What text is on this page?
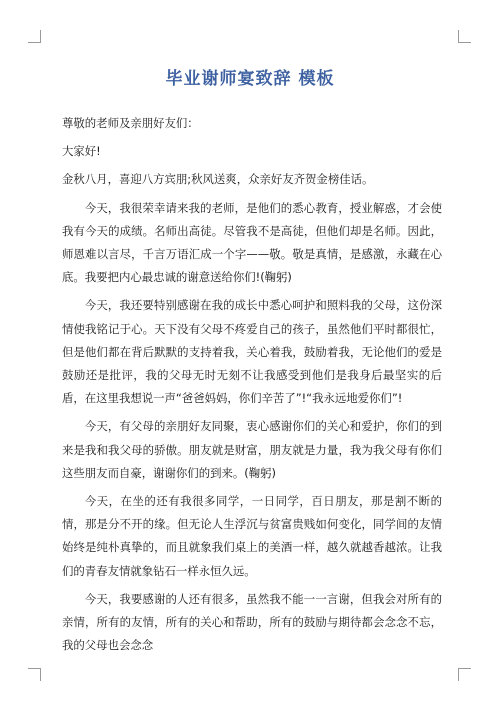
毕业谢师宴致辞 模板

尊敬的老师及亲朋好友们：

大家好!

金秋八月，喜迎八方宾朋;秋风送爽，众亲好友齐贺金榜佳话。

今天，我很荣幸请来我的老师，是他们的悉心教育，授业解惑，才会使我有今天的成绩。名师出高徒。尽管我不是高徒，但他们却是名师。因此，师恩难以言尽，千言万语汇成一个字——敬。敬是真情，是感激，永藏在心底。我要把内心最忠诚的谢意送给你们!(鞠躬)

今天，我还要特别感谢在我的成长中悉心呵护和照料我的父母，这份深情使我铭记于心。天下没有父母不疼爱自己的孩子，虽然他们平时都很忙，但是他们都在背后默默的支持着我，关心着我，鼓励着我，无论他们的爱是鼓励还是批评，我的父母无时无刻不让我感受到他们是我身后最坚实的后盾，在这里我想说一声“爸爸妈妈，你们辛苦了”!“我永远地爱你们”!

今天，有父母的亲朋好友同聚，衷心感谢你们的关心和爱护，你们的到来是我和我父母的骄傲。朋友就是财富，朋友就是力量，我为我父母有你们这些朋友而自豪，谢谢你们的到来。(鞠躬)

今天，在坐的还有我很多同学，一日同学，百日朋友，那是割不断的情，那是分不开的缘。但无论人生浮沉与贫富贵贱如何变化，同学间的友情始终是纯朴真挚的，而且就象我们桌上的美酒一样，越久就越香越浓。让我们的青春友情就象钻石一样永恒久远。

今天，我要感谢的人还有很多，虽然我不能一一言谢，但我会对所有的亲情，所有的友情，所有的关心和帮助，所有的鼓励与期待都会念念不忘，我的父母也会念念
